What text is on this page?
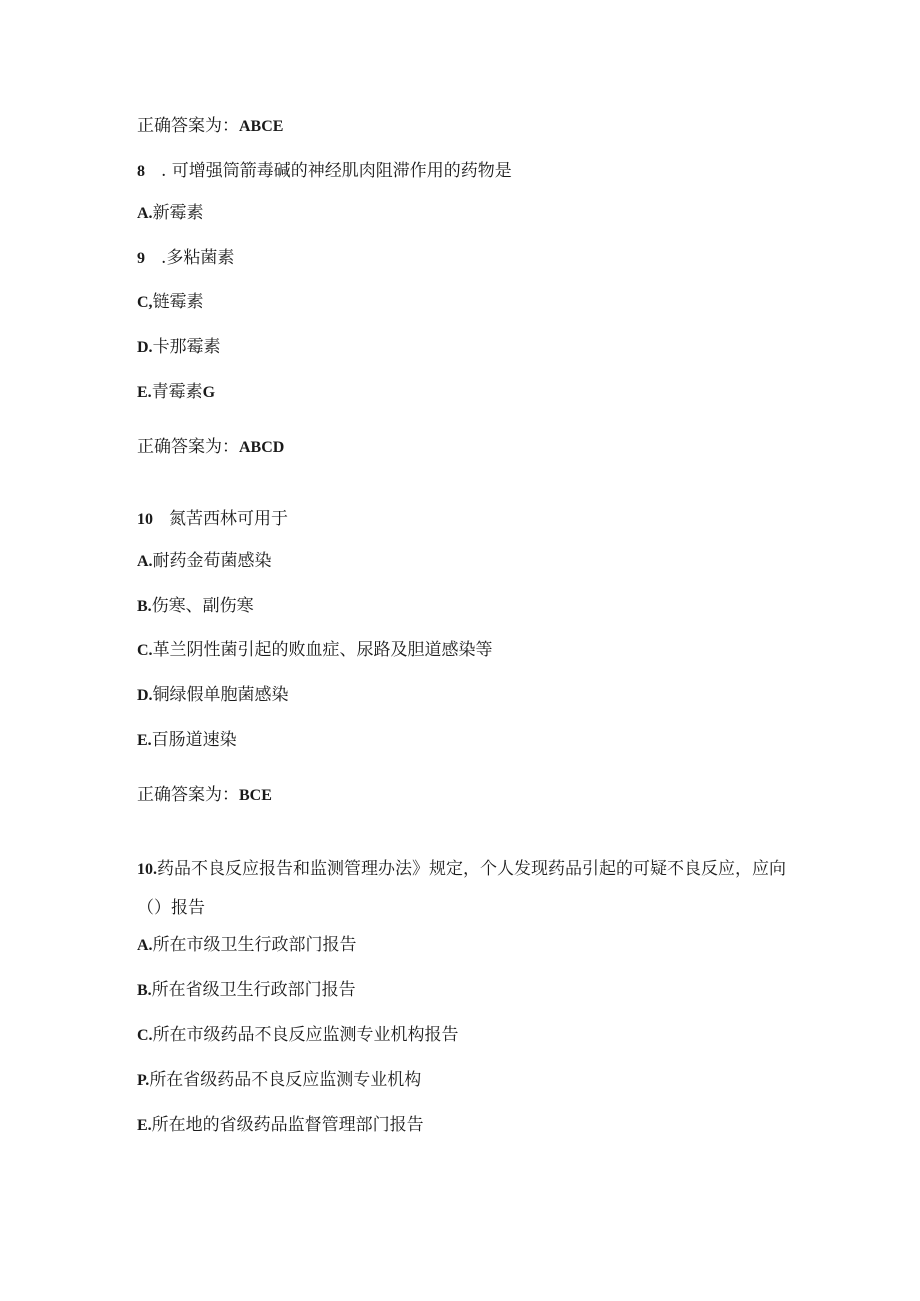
正确答案为：ABCE
8 . 可增强筒箭毒碱的神经肌肉阻滞作用的药物是
A.新霉素
9 .多粘菌素
C,链霉素
D.卡那霉素
E.青霉素G
正确答案为：ABCD
10 氮苦西林可用于
A.耐药金荀菌感染
B.伤寒、副伤寒
C.革兰阴性菌引起的败血症、尿路及胆道感染等
D.铜绿假单胞菌感染
E.百肠道速染
正确答案为：BCE
10.药品不良反应报告和监测管理办法》规定，个人发现药品引起的可疑不良反应，应向（）报告
A.所在市级卫生行政部门报告
B.所在省级卫生行政部门报告
C.所在市级药品不良反应监测专业机构报告
P.所在省级药品不良反应监测专业机构
E.所在地的省级药品监督管理部门报告
